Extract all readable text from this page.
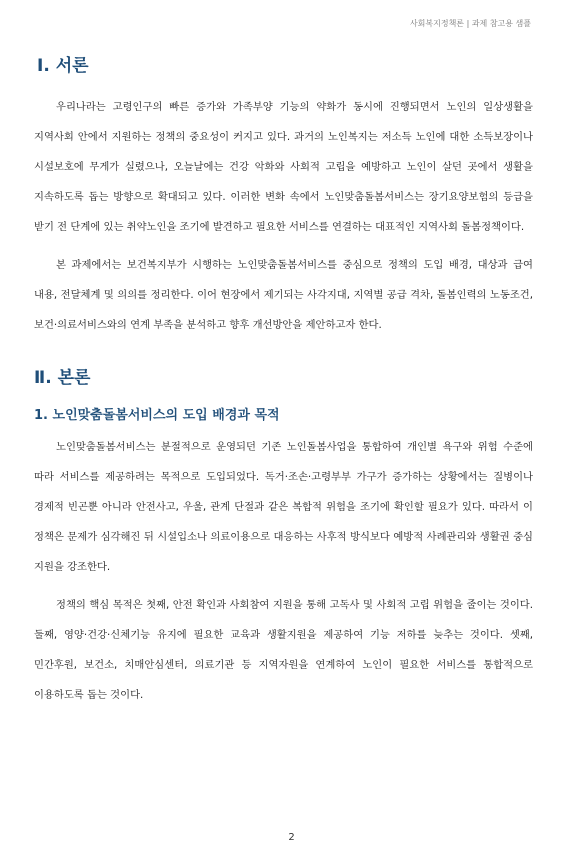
사회복지정책론 | 과제 참고용 샘플
Ⅰ. 서론

우리나라는 고령인구의 빠른 증가와 가족부양 기능의 약화가 동시에 진행되면서 노인의 일상생활을 지역사회 안에서 지원하는 정책의 중요성이 커지고 있다. 과거의 노인복지는 저소득 노인에 대한 소득보장이나 시설보호에 무게가 실렸으나, 오늘날에는 건강 악화와 사회적 고립을 예방하고 노인이 살던 곳에서 생활을 지속하도록 돕는 방향으로 확대되고 있다. 이러한 변화 속에서 노인맞춤돌봄서비스는 장기요양보험의 등급을 받기 전 단계에 있는 취약노인을 조기에 발견하고 필요한 서비스를 연결하는 대표적인 지역사회 돌봄정책이다.

본 과제에서는 보건복지부가 시행하는 노인맞춤돌봄서비스를 중심으로 정책의 도입 배경, 대상과 급여 내용, 전달체계 및 의의를 정리한다. 이어 현장에서 제기되는 사각지대, 지역별 공급 격차, 돌봄인력의 노동조건, 보건·의료서비스와의 연계 부족을 분석하고 향후 개선방안을 제안하고자 한다.

Ⅱ. 본론
1. 노인맞춤돌봄서비스의 도입 배경과 목적

노인맞춤돌봄서비스는 분절적으로 운영되던 기존 노인돌봄사업을 통합하여 개인별 욕구와 위험 수준에 따라 서비스를 제공하려는 목적으로 도입되었다. 독거·조손·고령부부 가구가 증가하는 상황에서는 질병이나 경제적 빈곤뿐 아니라 안전사고, 우울, 관계 단절과 같은 복합적 위험을 조기에 확인할 필요가 있다. 따라서 이 정책은 문제가 심각해진 뒤 시설입소나 의료이용으로 대응하는 사후적 방식보다 예방적 사례관리와 생활권 중심 지원을 강조한다.

정책의 핵심 목적은 첫째, 안전 확인과 사회참여 지원을 통해 고독사 및 사회적 고립 위험을 줄이는 것이다. 둘째, 영양·건강·신체기능 유지에 필요한 교육과 생활지원을 제공하여 기능 저하를 늦추는 것이다. 셋째, 민간후원, 보건소, 치매안심센터, 의료기관 등 지역자원을 연계하여 노인이 필요한 서비스를 통합적으로 이용하도록 돕는 것이다.

2
